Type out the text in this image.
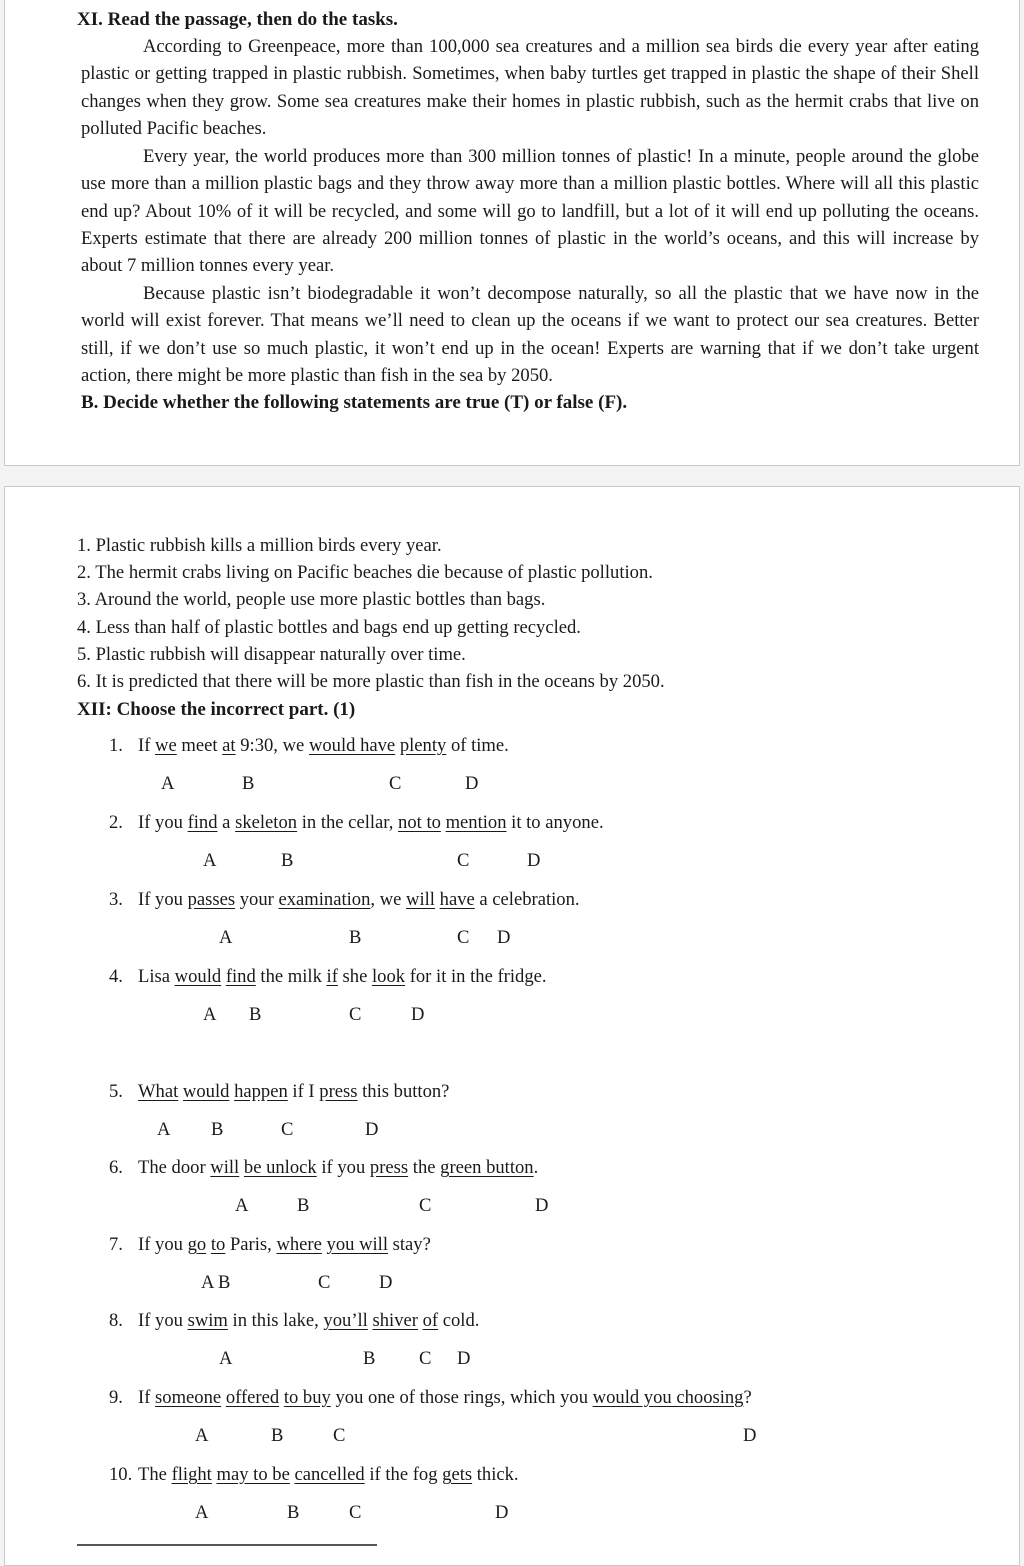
XI. Read the passage, then do the tasks.

According to Greenpeace, more than 100,000 sea creatures and a million sea birds die every year after eating plastic or getting trapped in plastic rubbish. Sometimes, when baby turtles get trapped in plastic the shape of their Shell changes when they grow. Some sea creatures make their homes in plastic rubbish, such as the hermit crabs that live on polluted Pacific beaches.

Every year, the world produces more than 300 million tonnes of plastic! In a minute, people around the globe use more than a million plastic bags and they throw away more than a million plastic bottles. Where will all this plastic end up? About 10% of it will be recycled, and some will go to landfill, but a lot of it will end up polluting the oceans. Experts estimate that there are already 200 million tonnes of plastic in the world’s oceans, and this will increase by about 7 million tonnes every year.

Because plastic isn’t biodegradable it won’t decompose naturally, so all the plastic that we have now in the world will exist forever. That means we’ll need to clean up the oceans if we want to protect our sea creatures. Better still, if we don’t use so much plastic, it won’t end up in the ocean! Experts are warning that if we don’t take urgent action, there might be more plastic than fish in the sea by 2050.

B. Decide whether the following statements are true (T) or false (F).
1. Plastic rubbish kills a million birds every year.
2. The hermit crabs living on Pacific beaches die because of plastic pollution.
3. Around the world, people use more plastic bottles than bags.
4. Less than half of plastic bottles and bags end up getting recycled.
5. Plastic rubbish will disappear naturally over time.
6. It is predicted that there will be more plastic than fish in the oceans by 2050.
XII: Choose the incorrect part. (1)
1. If we meet at 9:30, we would have plenty of time.
A	B	C	D
2. If you find a skeleton in the cellar, not to mention it to anyone.
A	B	C	D
3. If you passes your examination, we will have a celebration.
A	B	C D
4. Lisa would find the milk if she look for it in the fridge.
A B	C	D
5. What would happen if I press this button?
A B	C	D
6. The door will be unlock if you press the green button.
A	B	C	D
7. If you go to Paris, where you will stay?
A B	C	D
8. If you swim in this lake, you’ll shiver of cold.
A	B C D
9. If someone offered to buy you one of those rings, which you would you choosing?
A	B	C	D
10. The flight may to be cancelled if the fog gets thick.
A	B	C	D
